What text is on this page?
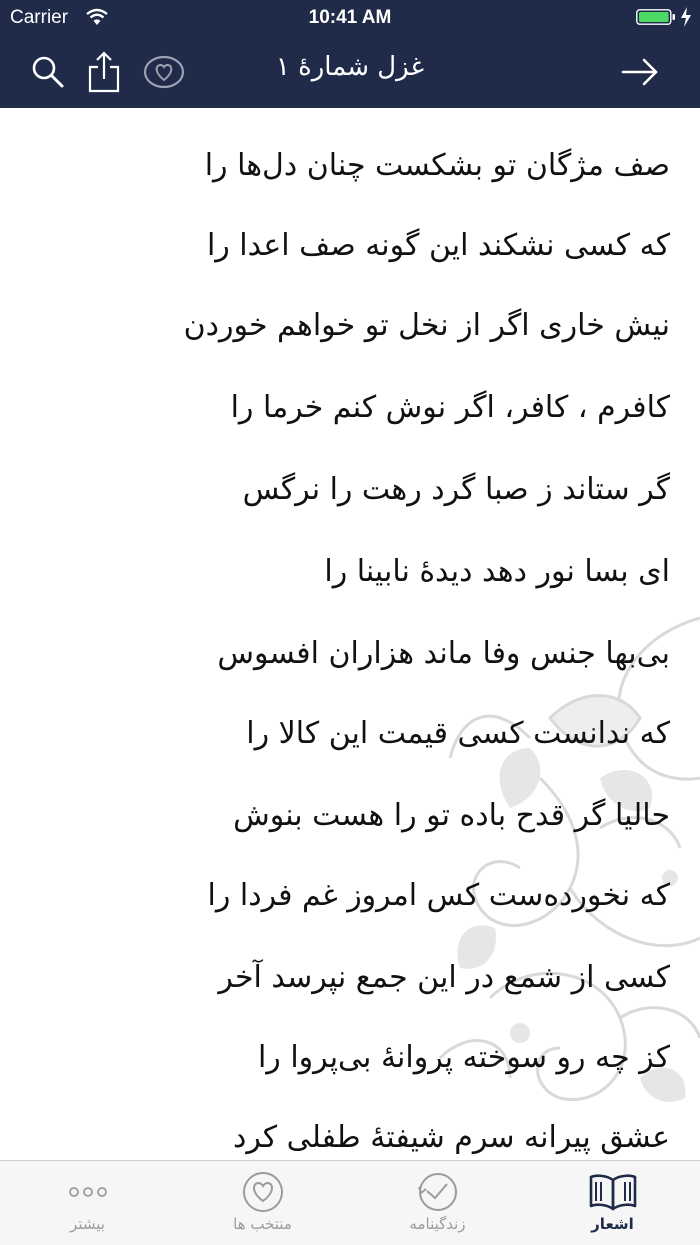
Carrier	10:41 AM
غزل شمارهٔ ۱
صف مژگان تو بشکست چنان دل‌ها را
که کسی نشکند این گونه صف اعدا را
نیش خاری اگر از نخل تو خواهم خوردن
کافرم ، کافر، اگر نوش کنم خرما را
گر ستاند ز صبا گرد رهت را نرگس
ای بسا نور دهد دیدهٔ نابینا را
بی‌بها جنس وفا ماند هزاران افسوس
که ندانست کسی قیمت این کالا را
حالیا گر قدح باده تو را هست بنوش
که نخورده‌ست کس امروز غم فردا را
کسی از شمع در این جمع نپرسد آخر
کز چه رو سوخته پروانهٔ بی‌پروا را
عشق پیرانه سرم شیفتهٔ طفلی کرد
اشعار
زندگینامه
منتخب ها
بیشتر
